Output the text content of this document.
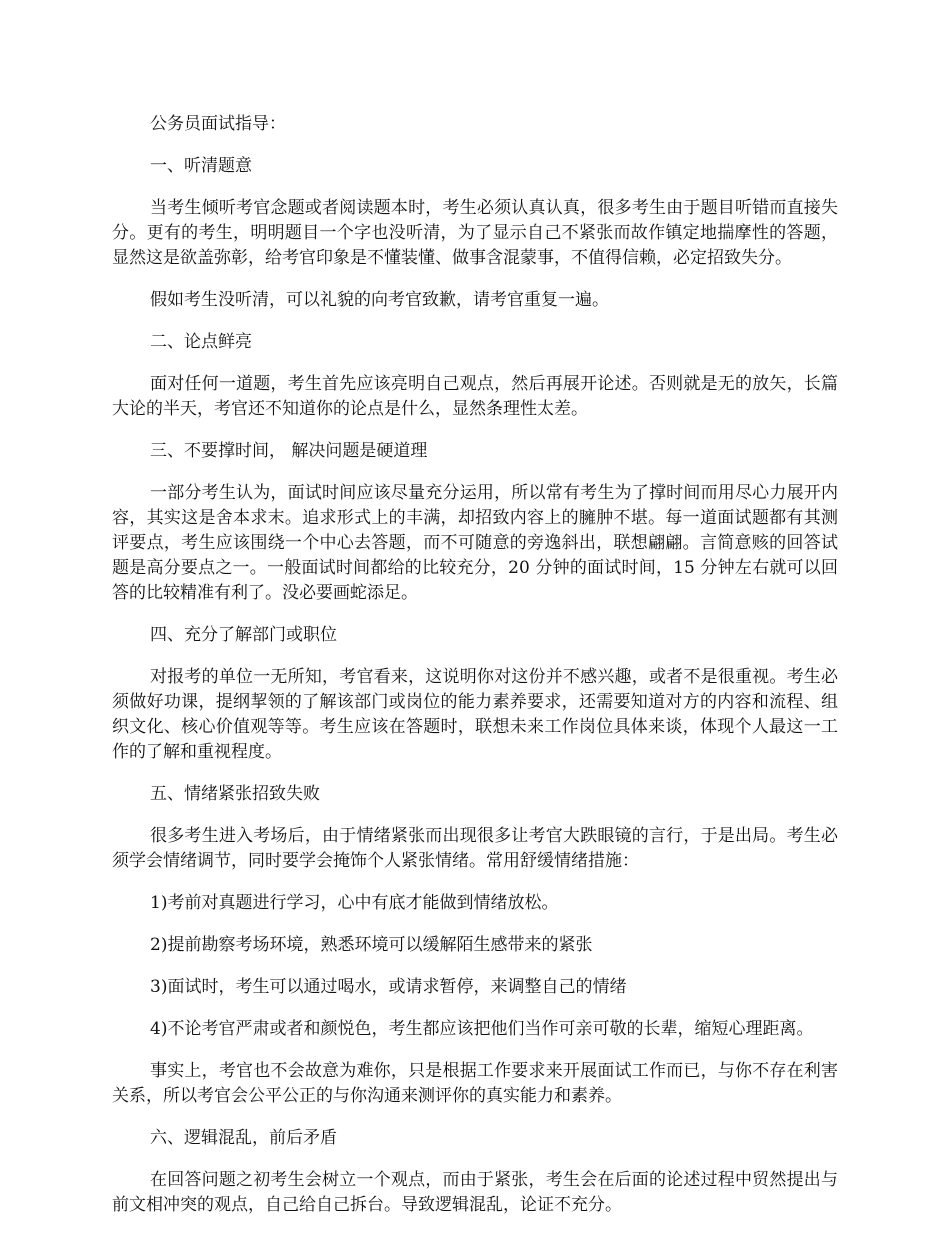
公务员面试指导：

一、听清题意

当考生倾听考官念题或者阅读题本时，考生必须认真认真，很多考生由于题目听错而直接失分。更有的考生，明明题目一个字也没听清，为了显示自己不紧张而故作镇定地揣摩性的答题，显然这是欲盖弥彰，给考官印象是不懂装懂、做事含混蒙事，不值得信赖，必定招致失分。

假如考生没听清，可以礼貌的向考官致歉，请考官重复一遍。

二、论点鲜亮

面对任何一道题，考生首先应该亮明自己观点，然后再展开论述。否则就是无的放矢，长篇大论的半天，考官还不知道你的论点是什么，显然条理性太差。

三、不要撑时间， 解决问题是硬道理

一部分考生认为，面试时间应该尽量充分运用，所以常有考生为了撑时间而用尽心力展开内容，其实这是舍本求末。追求形式上的丰满，却招致内容上的臃肿不堪。每一道面试题都有其测评要点，考生应该围绕一个中心去答题，而不可随意的旁逸斜出，联想翩翩。言简意赅的回答试题是高分要点之一。一般面试时间都给的比较充分，20 分钟的面试时间，15 分钟左右就可以回答的比较精准有利了。没必要画蛇添足。

四、充分了解部门或职位

对报考的单位一无所知，考官看来，这说明你对这份并不感兴趣，或者不是很重视。考生必须做好功课，提纲挈领的了解该部门或岗位的能力素养要求，还需要知道对方的内容和流程、组织文化、核心价值观等等。考生应该在答题时，联想未来工作岗位具体来谈，体现个人最这一工作的了解和重视程度。

五、情绪紧张招致失败

很多考生进入考场后，由于情绪紧张而出现很多让考官大跌眼镜的言行，于是出局。考生必须学会情绪调节，同时要学会掩饰个人紧张情绪。常用舒缓情绪措施：

1)考前对真题进行学习，心中有底才能做到情绪放松。

2)提前勘察考场环境，熟悉环境可以缓解陌生感带来的紧张

3)面试时，考生可以通过喝水，或请求暂停，来调整自己的情绪

4)不论考官严肃或者和颜悦色，考生都应该把他们当作可亲可敬的长辈，缩短心理距离。

事实上，考官也不会故意为难你，只是根据工作要求来开展面试工作而已，与你不存在利害关系，所以考官会公平公正的与你沟通来测评你的真实能力和素养。

六、逻辑混乱，前后矛盾

在回答问题之初考生会树立一个观点，而由于紧张，考生会在后面的论述过程中贸然提出与前文相冲突的观点，自己给自己拆台。导致逻辑混乱，论证不充分。
